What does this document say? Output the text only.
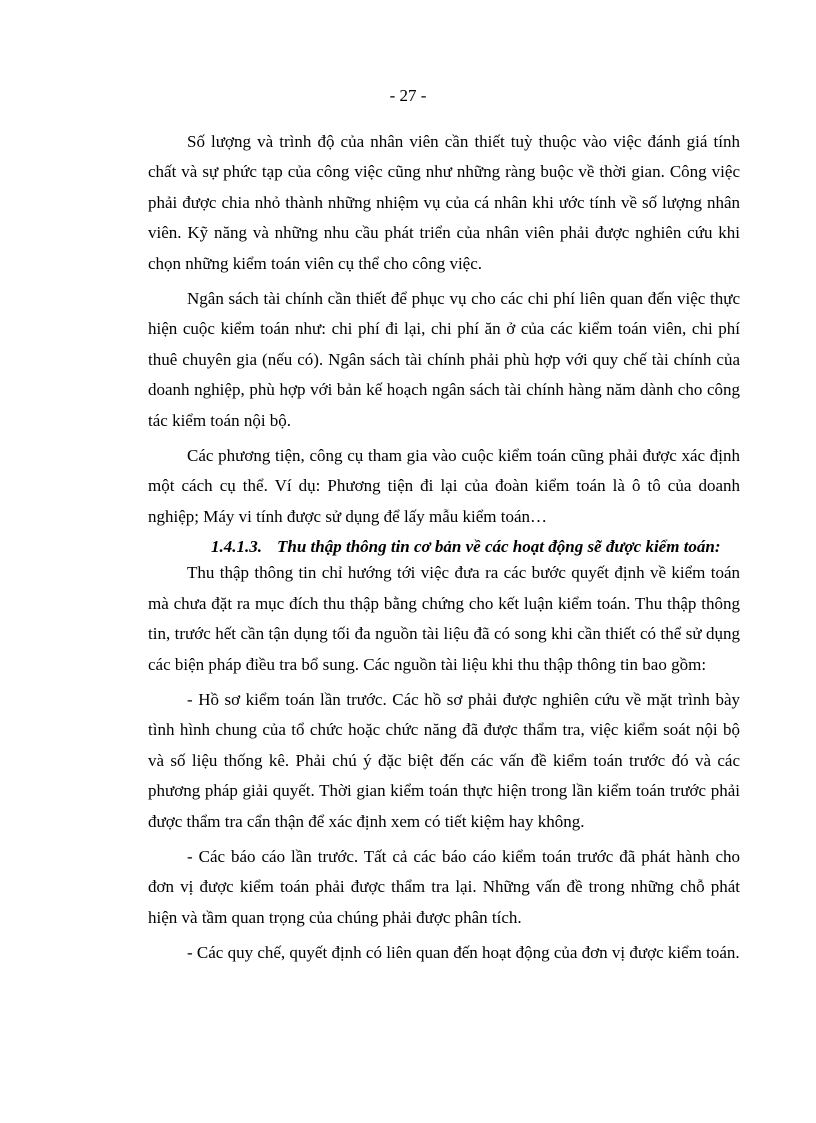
- 27 -

Số lượng và trình độ của nhân viên cần thiết tuỳ thuộc vào việc đánh giá tính chất và sự phức tạp của công việc cũng như những ràng buộc về thời gian. Công việc phải được chia nhỏ thành những nhiệm vụ của cá nhân khi ước tính về số lượng nhân viên. Kỹ năng và những nhu cầu phát triển của nhân viên phải được nghiên cứu khi chọn những kiểm toán viên cụ thể cho công việc.

Ngân sách tài chính cần thiết để phục vụ cho các chi phí liên quan đến việc thực hiện cuộc kiểm toán như: chi phí đi lại, chi phí ăn ở của các kiểm toán viên, chi phí thuê chuyên gia (nếu có). Ngân sách tài chính phải phù hợp với quy chế tài chính của doanh nghiệp, phù hợp với bản kế hoạch ngân sách tài chính hàng năm dành cho công tác kiểm toán nội bộ.

Các phương tiện, công cụ tham gia vào cuộc kiểm toán cũng phải được xác định một cách cụ thể. Ví dụ: Phương tiện đi lại của đoàn kiểm toán là ô tô của doanh nghiệp; Máy vi tính được sử dụng để lấy mẫu kiểm toán…

1.4.1.3. Thu thập thông tin cơ bản về các hoạt động sẽ được kiểm toán:

Thu thập thông tin chỉ hướng tới việc đưa ra các bước quyết định về kiểm toán mà chưa đặt ra mục đích thu thập bằng chứng cho kết luận kiểm toán. Thu thập thông tin, trước hết cần tận dụng tối đa nguồn tài liệu đã có song khi cần thiết có thể sử dụng các biện pháp điều tra bổ sung. Các nguồn tài liệu khi thu thập thông tin bao gồm:

- Hồ sơ kiểm toán lần trước. Các hồ sơ phải được nghiên cứu về mặt trình bày tình hình chung của tổ chức hoặc chức năng đã được thẩm tra, việc kiểm soát nội bộ và số liệu thống kê. Phải chú ý đặc biệt đến các vấn đề kiểm toán trước đó và các phương pháp giải quyết. Thời gian kiểm toán thực hiện trong lần kiểm toán trước phải được thẩm tra cẩn thận để xác định xem có tiết kiệm hay không.

- Các báo cáo lần trước. Tất cả các báo cáo kiểm toán trước đã phát hành cho đơn vị được kiểm toán phải được thẩm tra lại. Những vấn đề trong những chỗ phát hiện và tầm quan trọng của chúng phải được phân tích.

- Các quy chế, quyết định có liên quan đến hoạt động của đơn vị được kiểm toán.
